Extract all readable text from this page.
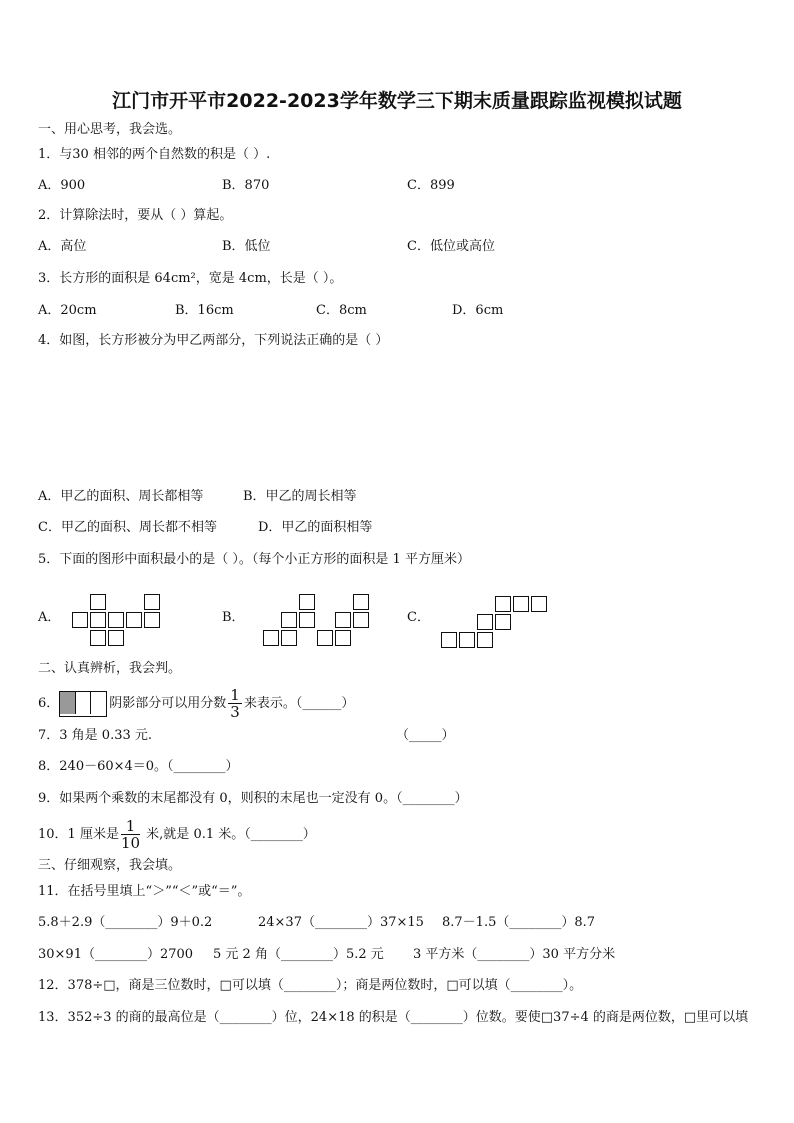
江门市开平市2022-2023学年数学三下期末质量跟踪监视模拟试题
一、用心思考，我会选。
1．与30 相邻的两个自然数的积是（ ）.
A．900	B．870	C．899
2．计算除法时，要从（ ）算起。
A．高位	B．低位	C．低位或高位
3．长方形的面积是 64cm²，宽是 4cm，长是（ ）。
A．20cm	B．16cm	C．8cm	D．6cm
4．如图，长方形被分为甲乙两部分，下列说法正确的是（ ）
A．甲乙的面积、周长都相等	B．甲乙的周长相等
C．甲乙的面积、周长都不相等	D．甲乙的面积相等
5．下面的图形中面积最小的是（ ）。（每个小正方形的面积是 1 平方厘米）
A．	B．	C．
二、认真辨析，我会判。
6．	阴影部分可以用分数 $\frac{1}{3}$ 来表示。（______）
7．3 角是 0.33 元.	（_____）
8．240－60×4＝0。（________）
9．如果两个乘数的末尾都没有 0，则积的末尾也一定没有 0。（________）
10．1 厘米是 $\frac{1}{10}$ 米,就是 0.1 米。（________）
三、仔细观察，我会填。
11．在括号里填上“＞”“＜”或“＝”。
5.8＋2.9（________）9＋0.2	24×37（________）37×15 8.7－1.5（________）8.7
30×91（________）2700 5 元 2 角（________）5.2 元 3 平方米（________）30 平方分米
12．378÷□，商是三位数时，□可以填（________）；商是两位数时，□可以填（________）。
13．352÷3 的商的最高位是（________）位，24×18 的积是（________）位数。要使□37÷4 的商是两位数，□里可以填
